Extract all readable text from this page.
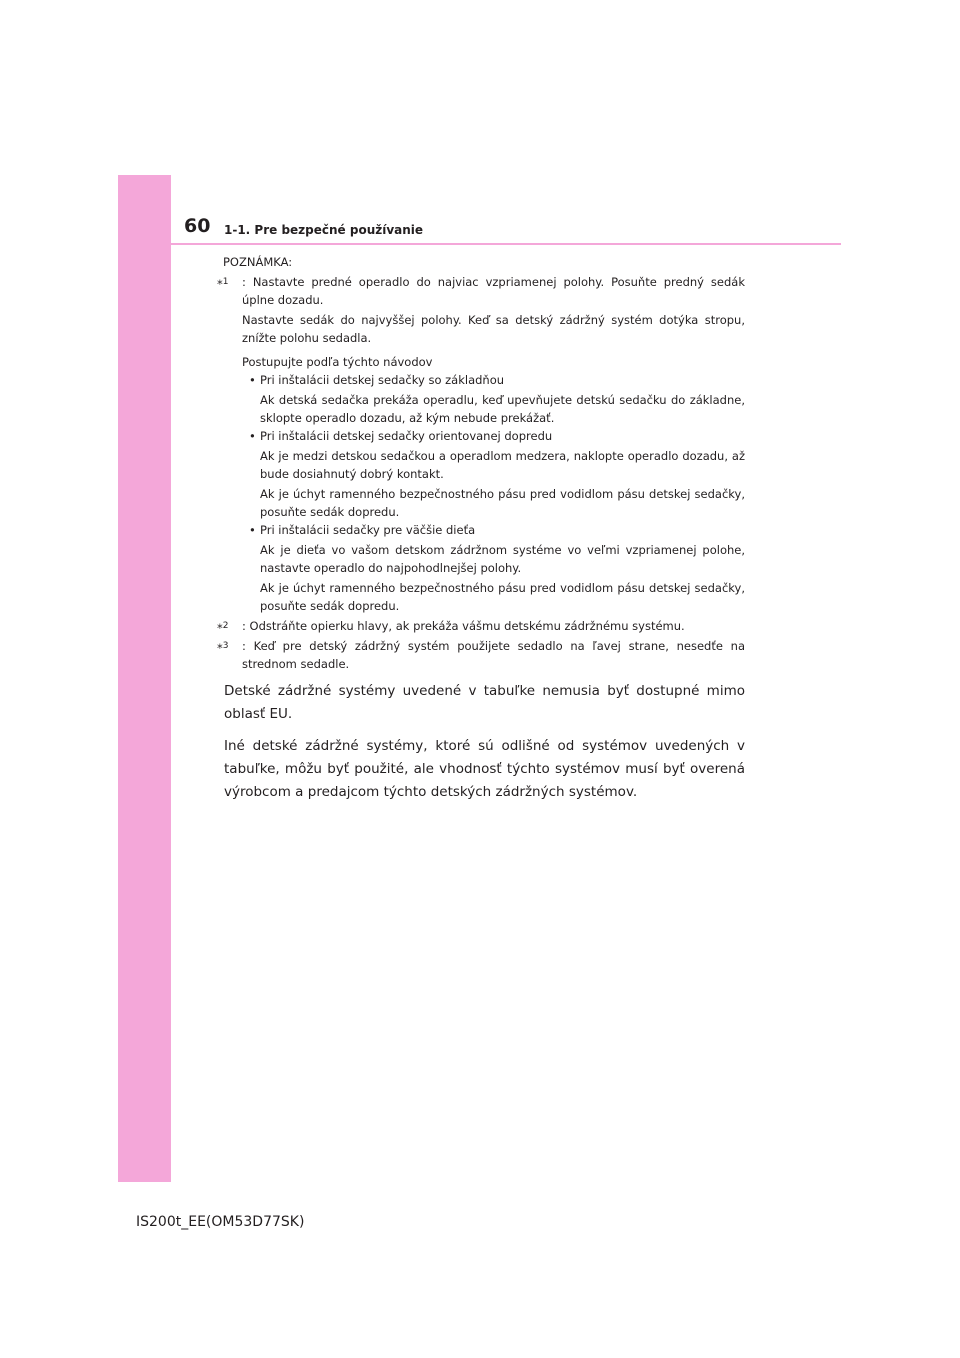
60 1-1. Pre bezpečné používanie
POZNÁMKA:
*$^1$ : Nastavte predné operadlo do najviac vzpriamenej polohy. Posuňte predný sedák úplne dozadu.
Nastavte sedák do najvyššej polohy. Keď sa detský zádržný systém dotýka stropu, znížte polohu sedadla.
Postupujte podľa týchto návodov
• Pri inštalácii detskej sedačky so základňou
Ak detská sedačka prekáža operadlu, keď upevňujete detskú sedačku do základne, sklopte operadlo dozadu, až kým nebude prekážať.
• Pri inštalácii detskej sedačky orientovanej dopredu
Ak je medzi detskou sedačkou a operadlom medzera, naklopte operadlo dozadu, až bude dosiahnutý dobrý kontakt.
Ak je úchyt ramenného bezpečnostného pásu pred vodidlom pásu detskej sedačky, posuňte sedák dopredu.
• Pri inštalácii sedačky pre väčšie dieťa
Ak je dieťa vo vašom detskom zádržnom systéme vo veľmi vzpriamenej polohe, nastavte operadlo do najpohodlnejšej polohy.
Ak je úchyt ramenného bezpečnostného pásu pred vodidlom pásu detskej sedačky, posuňte sedák dopredu.
*$^2$ : Odstráňte opierku hlavy, ak prekáža vášmu detskému zádržnému systému.
*$^3$ : Keď pre detský zádržný systém použijete sedadlo na ľavej strane, nesedťe na strednom sedadle.

Detské zádržné systémy uvedené v tabuľke nemusia byť dostupné mimo oblasť EU.

Iné detské zádržné systémy, ktoré sú odlišné od systémov uvedených v tabuľke, môžu byť použité, ale vhodnosť týchto systémov musí byť overená výrobcom a predajcom týchto detských zádržných systémov.

IS200t_EE(OM53D77SK)
